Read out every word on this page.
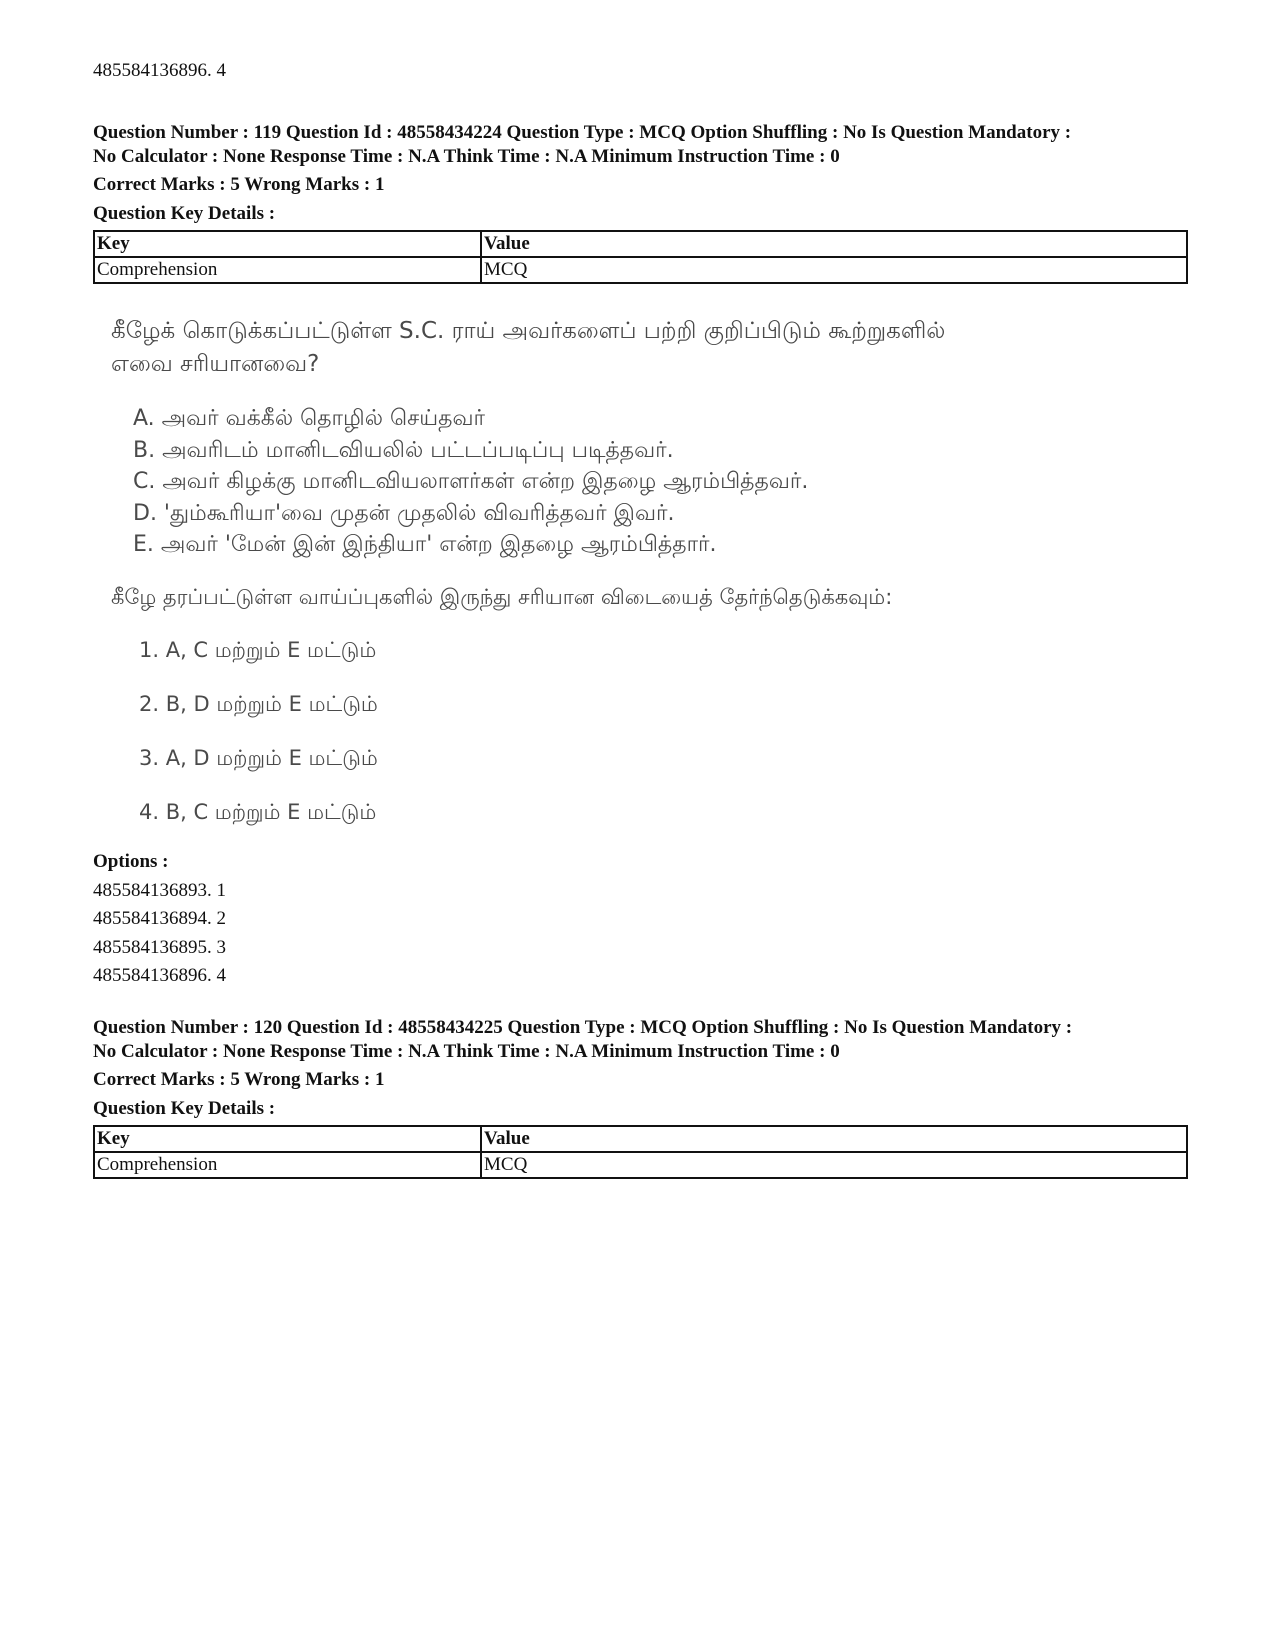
485584136896. 4

Question Number : 119 Question Id : 48558434224 Question Type : MCQ Option Shuffling : No Is Question Mandatory :

No Calculator : None Response Time : N.A Think Time : N.A Minimum Instruction Time : 0

Correct Marks : 5 Wrong Marks : 1
Question Key Details :
Key	Value
Comprehension	MCQ
கீழேக் கொடுக்கப்பட்டுள்ள S.C. ராய் அவர்களைப் பற்றி குறிப்பிடும் கூற்றுகளில்
எவை சரியானவை?
A. அவர் வக்கீல் தொழில் செய்தவர்
B. அவரிடம் மானிடவியலில் பட்டப்படிப்பு படித்தவர்.
C. அவர் கிழக்கு மானிடவியலாளர்கள் என்ற இதழை ஆரம்பித்தவர்.
D. 'தும்கூரியா'வை முதன் முதலில் விவரித்தவர் இவர்.
E. அவர் 'மேன் இன் இந்தியா' என்ற இதழை ஆரம்பித்தார்.
கீழே தரப்பட்டுள்ள வாய்ப்புகளில் இருந்து சரியான விடையைத் தேர்ந்தெடுக்கவும்:
1. A, C மற்றும் E மட்டும்
2. B, D மற்றும் E மட்டும்
3. A, D மற்றும் E மட்டும்
4. B, C மற்றும் E மட்டும்
Options :
485584136893. 1
485584136894. 2
485584136895. 3
485584136896. 4

Question Number : 120 Question Id : 48558434225 Question Type : MCQ Option Shuffling : No Is Question Mandatory :

No Calculator : None Response Time : N.A Think Time : N.A Minimum Instruction Time : 0

Correct Marks : 5 Wrong Marks : 1
Question Key Details :
Key	Value
Comprehension	MCQ
